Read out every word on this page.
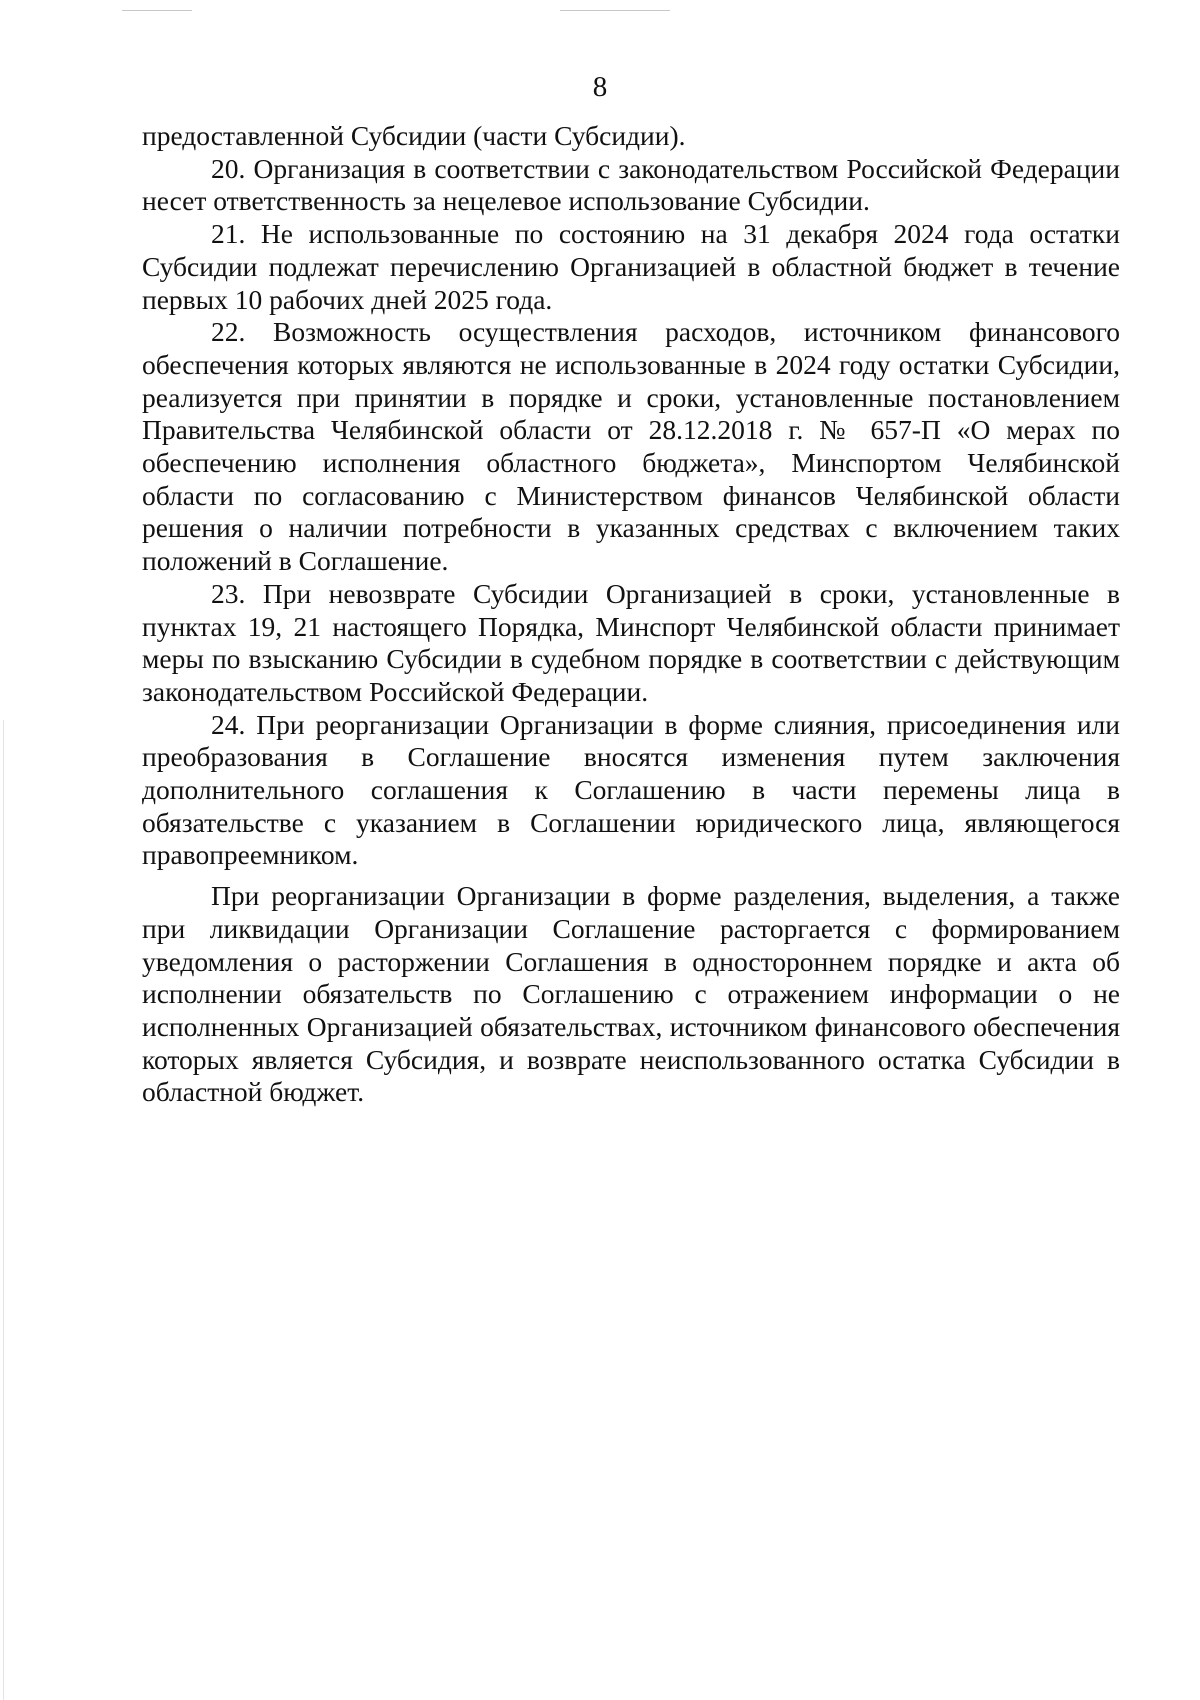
8

предоставленной Субсидии (части Субсидии).

20. Организация в соответствии с законодательством Российской Федерации несет ответственность за нецелевое использование Субсидии.

21. Не использованные по состоянию на 31 декабря 2024 года остатки Субсидии подлежат перечислению Организацией в областной бюджет в течение первых 10 рабочих дней 2025 года.

22. Возможность осуществления расходов, источником финансового обеспечения которых являются не использованные в 2024 году остатки Субсидии, реализуется при принятии в порядке и сроки, установленные постановлением Правительства Челябинской области от 28.12.2018 г. № 657-П «О мерах по обеспечению исполнения областного бюджета», Минспортом Челябинской области по согласованию с Министерством финансов Челябинской области решения о наличии потребности в указанных средствах с включением таких положений в Соглашение.

23. При невозврате Субсидии Организацией в сроки, установленные в пунктах 19, 21 настоящего Порядка, Минспорт Челябинской области принимает меры по взысканию Субсидии в судебном порядке в соответствии с действующим законодательством Российской Федерации.

24. При реорганизации Организации в форме слияния, присоединения или преобразования в Соглашение вносятся изменения путем заключения дополнительного соглашения к Соглашению в части перемены лица в обязательстве с указанием в Соглашении юридического лица, являющегося правопреемником.

При реорганизации Организации в форме разделения, выделения, а также при ликвидации Организации Соглашение расторгается с формированием уведомления о расторжении Соглашения в одностороннем порядке и акта об исполнении обязательств по Соглашению с отражением информации о не исполненных Организацией обязательствах, источником финансового обеспечения которых является Субсидия, и возврате неиспользованного остатка Субсидии в областной бюджет.
